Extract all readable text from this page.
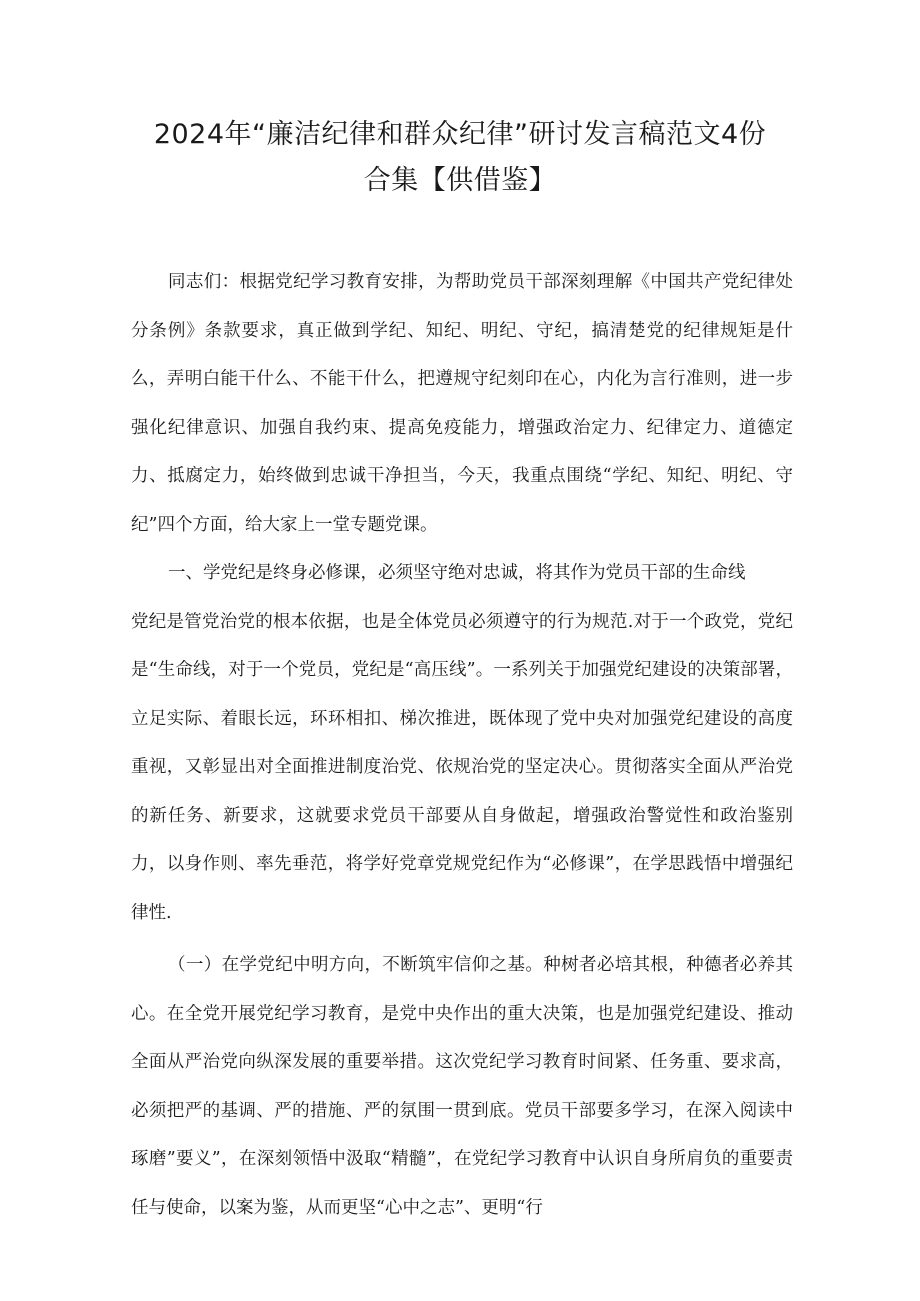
2024年“廉洁纪律和群众纪律”研讨发言稿范文4份
合集【供借鉴】

同志们：根据党纪学习教育安排，为帮助党员干部深刻理解《中国共产党纪律处分条例》条款要求，真正做到学纪、知纪、明纪、守纪，搞清楚党的纪律规矩是什么，弄明白能干什么、不能干什么，把遵规守纪刻印在心，内化为言行准则，进一步强化纪律意识、加强自我约束、提高免疫能力，增强政治定力、纪律定力、道德定力、抵腐定力，始终做到忠诚干净担当，今天，我重点围绕“学纪、知纪、明纪、守纪”四个方面，给大家上一堂专题党课。

一、学党纪是终身必修课，必须坚守绝对忠诚，将其作为党员干部的生命线

党纪是管党治党的根本依据，也是全体党员必须遵守的行为规范.对于一个政党，党纪是“生命线，对于一个党员，党纪是“高压线”。一系列关于加强党纪建设的决策部署，立足实际、着眼长远，环环相扣、梯次推进，既体现了党中央对加强党纪建设的高度重视，又彰显出对全面推进制度治党、依规治党的坚定决心。贯彻落实全面从严治党的新任务、新要求，这就要求党员干部要从自身做起，增强政治警觉性和政治鉴别力，以身作则、率先垂范，将学好党章党规党纪作为“必修课”，在学思践悟中增强纪律性.

（一）在学党纪中明方向，不断筑牢信仰之基。种树者必培其根，种德者必养其心。在全党开展党纪学习教育，是党中央作出的重大决策，也是加强党纪建设、推动全面从严治党向纵深发展的重要举措。这次党纪学习教育时间紧、任务重、要求高，必须把严的基调、严的措施、严的氛围一贯到底。党员干部要多学习，在深入阅读中琢磨”要义”，在深刻领悟中汲取“精髓”，在党纪学习教育中认识自身所肩负的重要责任与使命，以案为鉴，从而更坚“心中之志”、更明“行
